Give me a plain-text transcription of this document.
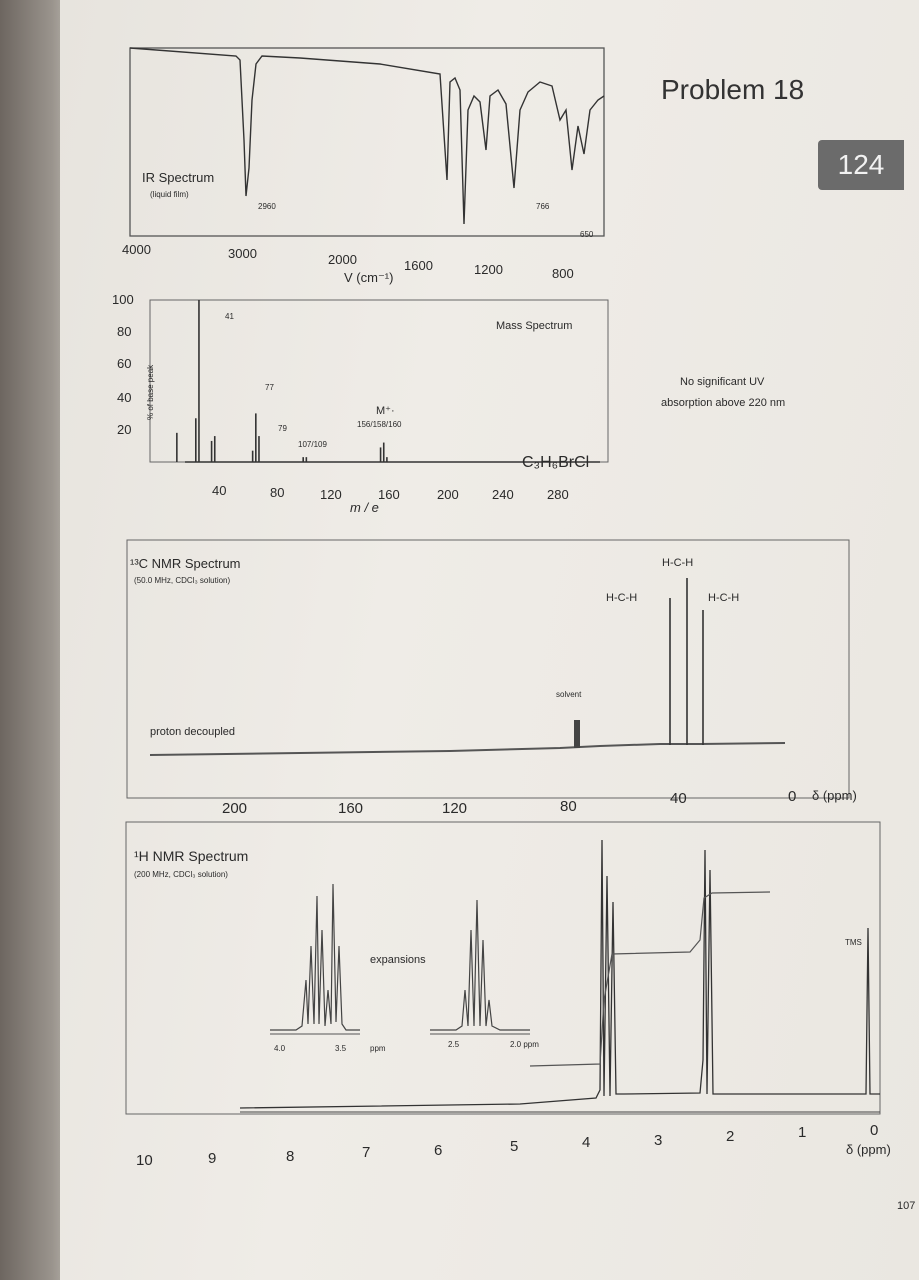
IR Spectrum
(liquid film)
2960	766
650
4000	3000	2000	1600	1200	800
V (cm⁻¹)
Problem 18
124
Mass Spectrum
% of base peak
100
80
60
40
20
41
77
79
107/109
M⁺·
156/158/160
C₃H₆BrCl
40	80	120	160	200	240	280
m / e
No significant UV
absorption above 220 nm
¹³C NMR Spectrum
(50.0 MHz, CDCl₃ solution)
proton decoupled
solvent
H-C-H
H-C-H
H-C-H
200	160	120	80	40	0 δ (ppm)
¹H NMR Spectrum
(200 MHz, CDCl₃ solution)
expansions
TMS
4.0	3.5	ppm	2.5	2.0 ppm
10	9	8	7	6	5	4	3	2	1	0
δ (ppm)
107
